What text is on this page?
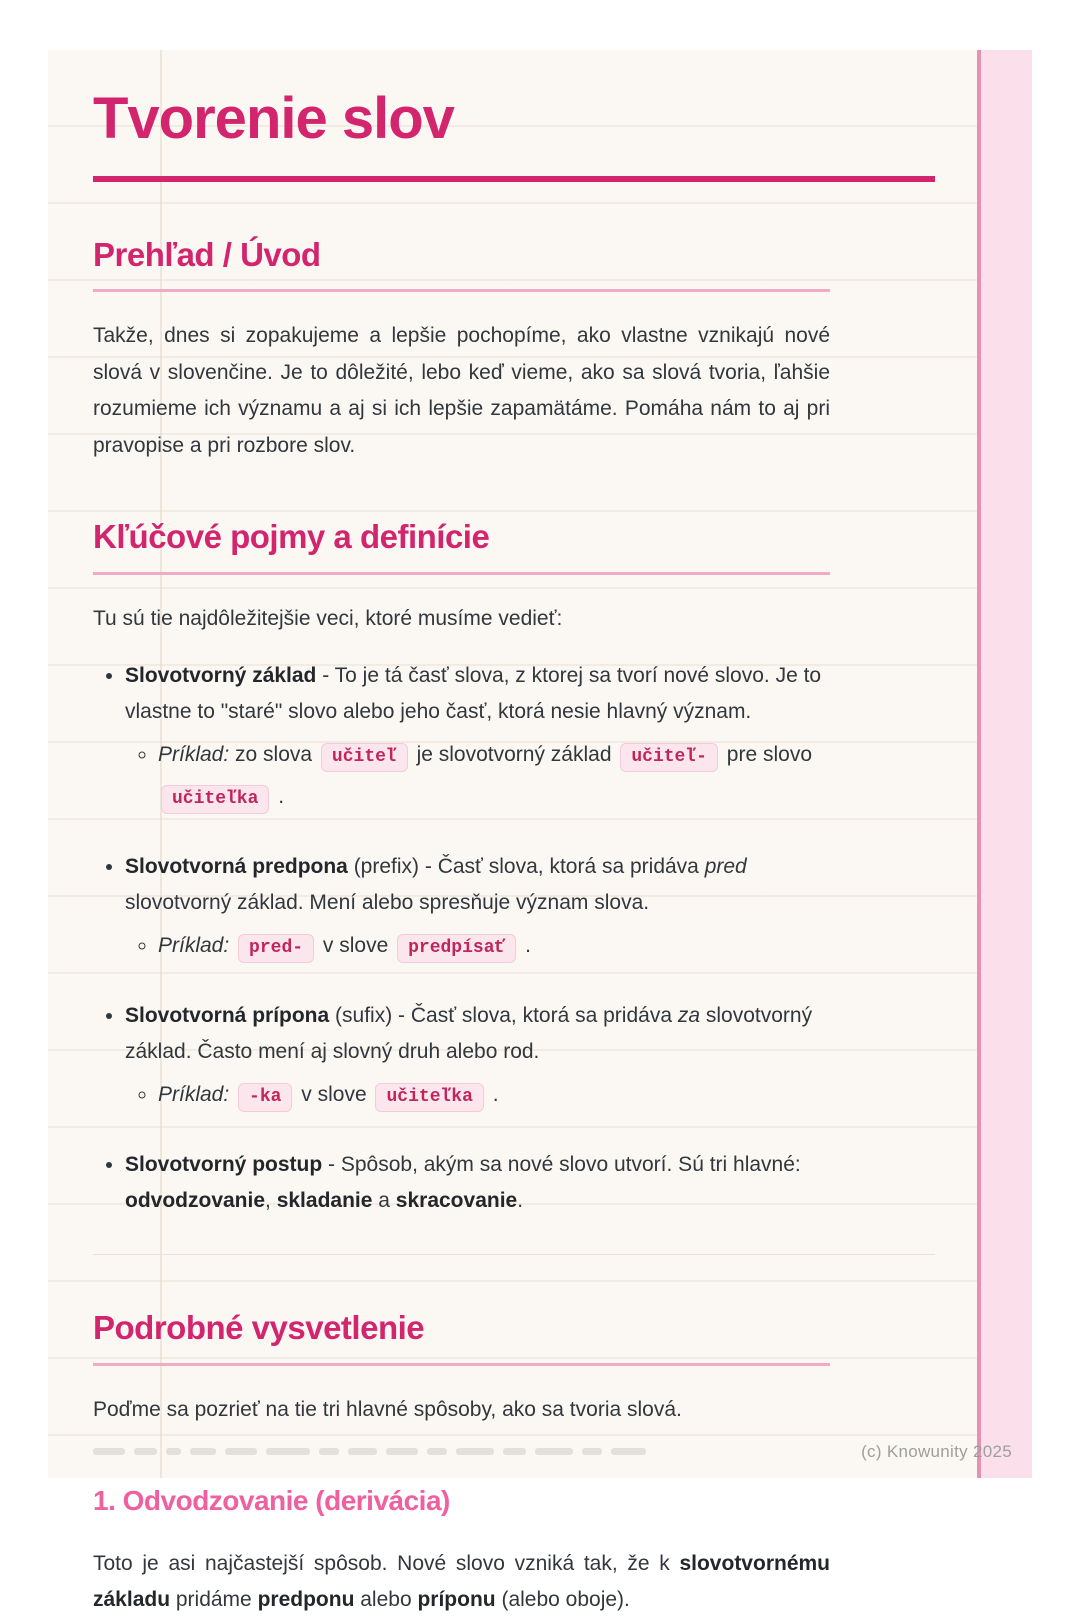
Tvorenie slov
Prehľad / Úvod

Takže, dnes si zopakujeme a lepšie pochopíme, ako vlastne vznikajú nové slová v slovenčine. Je to dôležité, lebo keď vieme, ako sa slová tvoria, ľahšie rozumieme ich významu a aj si ich lepšie zapamätáme. Pomáha nám to aj pri pravopise a pri rozbore slov.

Kľúčové pojmy a definície

Tu sú tie najdôležitejšie veci, ktoré musíme vedieť:

• Slovotvorný základ - To je tá časť slova, z ktorej sa tvorí nové slovo. Je to vlastne to "staré" slovo alebo jeho časť, ktorá nesie hlavný význam.
◦ Príklad: zo slova učiteľ je slovotvorný základ učiteľ- pre slovo učiteľka .
• Slovotvorná predpona (prefix) - Časť slova, ktorá sa pridáva pred slovotvorný základ. Mení alebo spresňuje význam slova.
◦ Príklad: pred- v slove predpísať .
• Slovotvorná prípona (sufix) - Časť slova, ktorá sa pridáva za slovotvorný základ. Často mení aj slovný druh alebo rod.
◦ Príklad: -ka v slove učiteľka .
• Slovotvorný postup - Spôsob, akým sa nové slovo utvorí. Sú tri hlavné: odvodzovanie, skladanie a skracovanie.
Podrobné vysvetlenie

Poďme sa pozrieť na tie tri hlavné spôsoby, ako sa tvoria slová.

1. Odvodzovanie (derivácia)

Toto je asi najčastejší spôsob. Nové slovo vzniká tak, že k slovotvornému základu pridáme predponu alebo príponu (alebo oboje).

(c) Knowunity 2025
